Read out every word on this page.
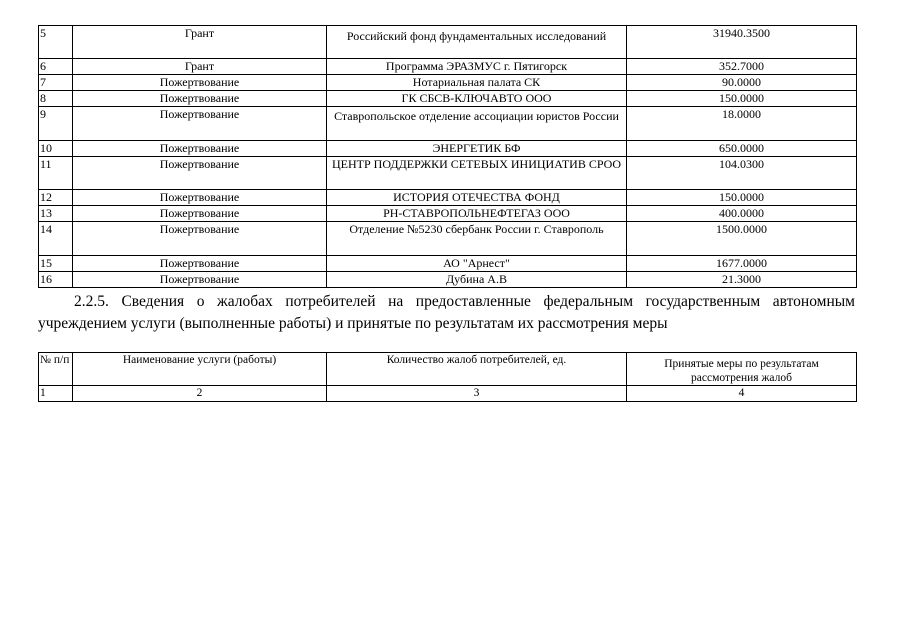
5	Грант	Российский фонд фундаментальных исследований	31940.3500
6	Грант	Программа ЭРАЗМУС г. Пятигорск	352.7000
7	Пожертвование	Нотариальная палата СК	90.0000
8	Пожертвование	ГК СБСВ-КЛЮЧАВТО ООО	150.0000
9	Пожертвование	Ставропольское отделение ассоциации юристов России	18.0000
10	Пожертвование	ЭНЕРГЕТИК БФ	650.0000
11	Пожертвование	ЦЕНТР ПОДДЕРЖКИ СЕТЕВЫХ ИНИЦИАТИВ СРОО	104.0300
12	Пожертвование	ИСТОРИЯ ОТЕЧЕСТВА ФОНД	150.0000
13	Пожертвование	РН-СТАВРОПОЛЬНЕФТЕГАЗ ООО	400.0000
14	Пожертвование	Отделение №5230 сбербанк России г. Ставрополь	1500.0000
15	Пожертвование	АО "Арнест"	1677.0000
16	Пожертвование	Дубина А.В	21.3000

2.2.5. Сведения о жалобах потребителей на предоставленные федеральным государственным автономным учреждением услуги (выполненные работы) и принятые по результатам их рассмотрения меры

№ п/п	Наименование услуги (работы)	Количество жалоб потребителей, ед.	Принятые меры по результатам рассмотрения жалоб
1	2	3	4
